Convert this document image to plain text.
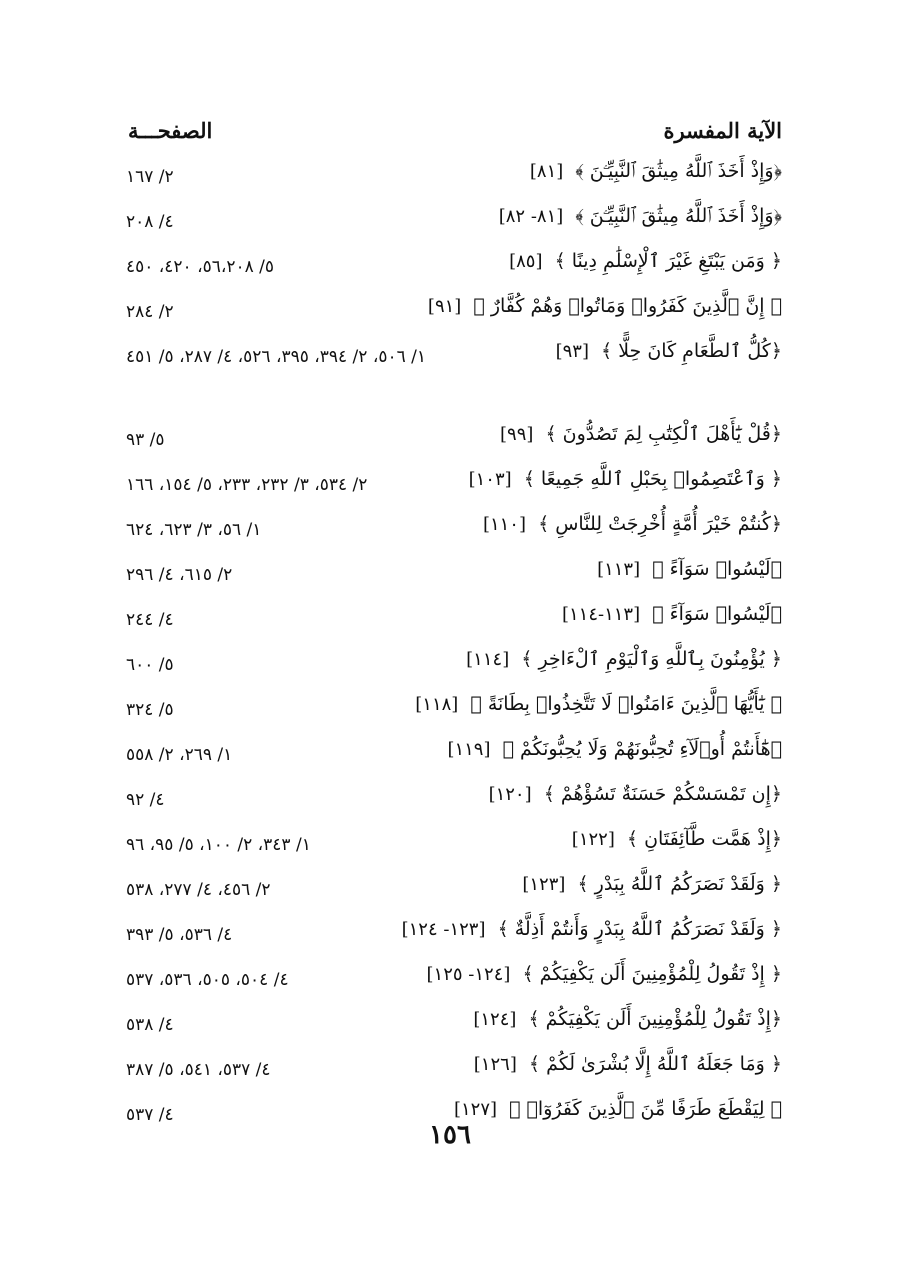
الآية المفسرة
الصفحـــة
﴿وَإِذْ أَخَذَ ٱللَّهُ مِيثَٰقَ ٱلنَّبِيِّـۧنَ ﴾ [٨١]
٢/ ١٦٧
﴿وَإِذْ أَخَذَ ٱللَّهُ مِيثَٰقَ ٱلنَّبِيِّـۧنَ ﴾ [٨١- ٨٢]
٤/ ٢٠٨
﴿ وَمَن يَبْتَغِ غَيْرَ ٱلْإِسْلَٰمِ دِينًا ﴾ [٨٥]
٥/ ٥٦،٢٠٨، ٤٢٠، ٤٥٠
﴿ إِنَّ ٱلَّذِينَ كَفَرُوا۟ وَمَاتُوا۟ وَهُمْ كُفَّارٌ ﴾ [٩١]
٢/ ٢٨٤
﴿كُلُّ ٱلطَّعَامِ كَانَ حِلًّا ﴾ [٩٣]
١/ ٥٠٦، ٢/ ٣٩٤، ٣٩٥، ٥٢٦، ٤/ ٢٨٧، ٥/ ٤٥١
﴿قُلْ يَٰٓأَهْلَ ٱلْكِتَٰبِ لِمَ تَصُدُّونَ ﴾ [٩٩]
٥/ ٩٣
﴿ وَٱعْتَصِمُوا۟ بِحَبْلِ ٱللَّهِ جَمِيعًا ﴾ [١٠٣]
٢/ ٥٣٤، ٣/ ٢٣٢، ٢٣٣، ٥/ ١٥٤، ١٦٦
﴿كُنتُمْ خَيْرَ أُمَّةٍ أُخْرِجَتْ لِلنَّاسِ ﴾ [١١٠]
١/ ٥٦، ٣/ ٦٢٣، ٦٢٤
﴿لَيْسُوا۟ سَوَآءً ﴾ [١١٣]
٢/ ٦١٥، ٤/ ٢٩٦
﴿لَيْسُوا۟ سَوَآءً ﴾ [١١٣-١١٤]
٤/ ٢٤٤
﴿ يُؤْمِنُونَ بِٱللَّهِ وَٱلْيَوْمِ ٱلْءَاخِرِ ﴾ [١١٤]
٥/ ٦٠٠
﴿ يَٰٓأَيُّهَا ٱلَّذِينَ ءَامَنُوا۟ لَا تَتَّخِذُوا۟ بِطَانَةً ﴾ [١١٨]
٥/ ٣٢٤
﴿هَٰٓأَنتُمْ أُو۟لَآءِ تُحِبُّونَهُمْ وَلَا يُحِبُّونَكُمْ ﴾ [١١٩]
١/ ٢٦٩، ٢/ ٥٥٨
﴿إِن تَمْسَسْكُمْ حَسَنَةٌ تَسُؤْهُمْ ﴾ [١٢٠]
٤/ ٩٢
﴿إِذْ هَمَّت طَّآئِفَتَانِ ﴾ [١٢٢]
١/ ٣٤٣، ٢/ ١٠٠، ٥/ ٩٥، ٩٦
﴿ وَلَقَدْ نَصَرَكُمُ ٱللَّهُ بِبَدْرٍ ﴾ [١٢٣]
٢/ ٤٥٦، ٤/ ٢٧٧، ٥٣٨
﴿ وَلَقَدْ نَصَرَكُمُ ٱللَّهُ بِبَدْرٍ وَأَنتُمْ أَذِلَّةٌ ﴾ [١٢٣- ١٢٤]
٤/ ٥٣٦، ٥/ ٣٩٣
﴿ إِذْ تَقُولُ لِلْمُؤْمِنِينَ أَلَن يَكْفِيَكُمْ ﴾ [١٢٤- ١٢٥]
٤/ ٥٠٤، ٥٠٥، ٥٣٦، ٥٣٧
﴿إِذْ تَقُولُ لِلْمُؤْمِنِينَ أَلَن يَكْفِيَكُمْ ﴾ [١٢٤]
٤/ ٥٣٨
﴿ وَمَا جَعَلَهُ ٱللَّهُ إِلَّا بُشْرَىٰ لَكُمْ ﴾ [١٢٦]
٤/ ٥٣٧، ٥٤١، ٥/ ٣٨٧
﴿ لِيَقْطَعَ طَرَفًا مِّنَ ٱلَّذِينَ كَفَرُوٓا۟ ﴾ [١٢٧]
٤/ ٥٣٧
١٥٦
